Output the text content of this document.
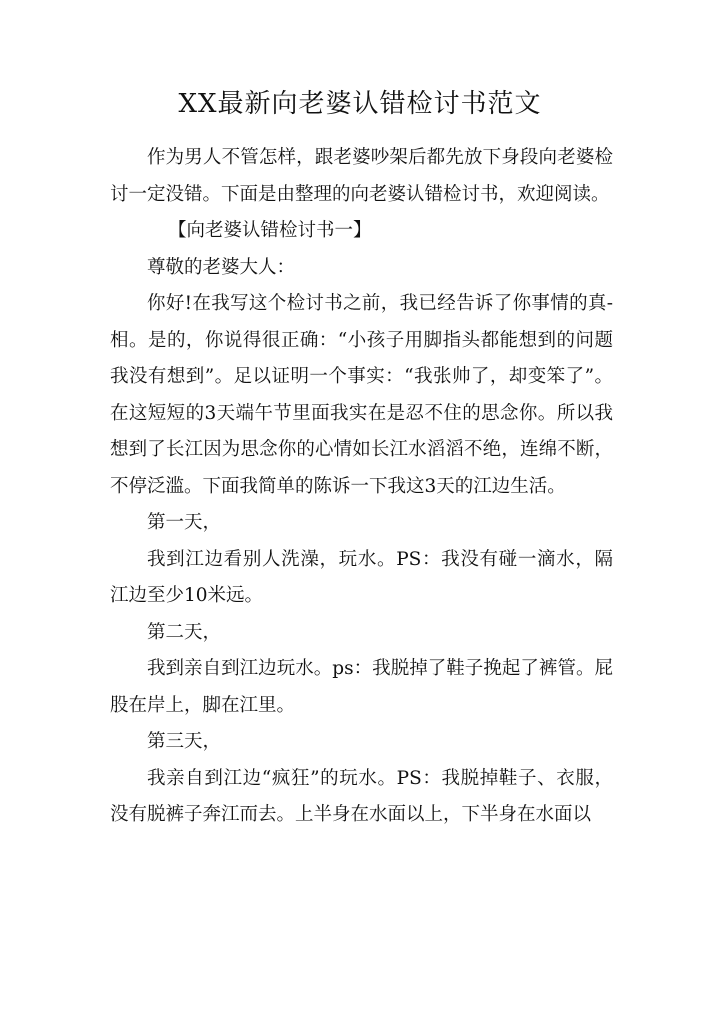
XX最新向老婆认错检讨书范文

作为男人不管怎样，跟老婆吵架后都先放下身段向老婆检讨一定没错。下面是由整理的向老婆认错检讨书，欢迎阅读。

【向老婆认错检讨书一】

尊敬的老婆大人：

你好!在我写这个检讨书之前，我已经告诉了你事情的真-相。是的，你说得很正确：“小孩子用脚指头都能想到的问题我没有想到”。足以证明一个事实：“我张帅了，却变笨了”。在这短短的3天端午节里面我实在是忍不住的思念你。所以我想到了长江因为思念你的心情如长江水滔滔不绝，连绵不断，不停泛滥。下面我简单的陈诉一下我这3天的江边生活。

第一天，

我到江边看别人洗澡，玩水。PS：我没有碰一滴水，隔江边至少10米远。

第二天，

我到亲自到江边玩水。ps：我脱掉了鞋子挽起了裤管。屁股在岸上，脚在江里。

第三天，

我亲自到江边“疯狂”的玩水。PS：我脱掉鞋子、衣服，没有脱裤子奔江而去。上半身在水面以上，下半身在水面以
